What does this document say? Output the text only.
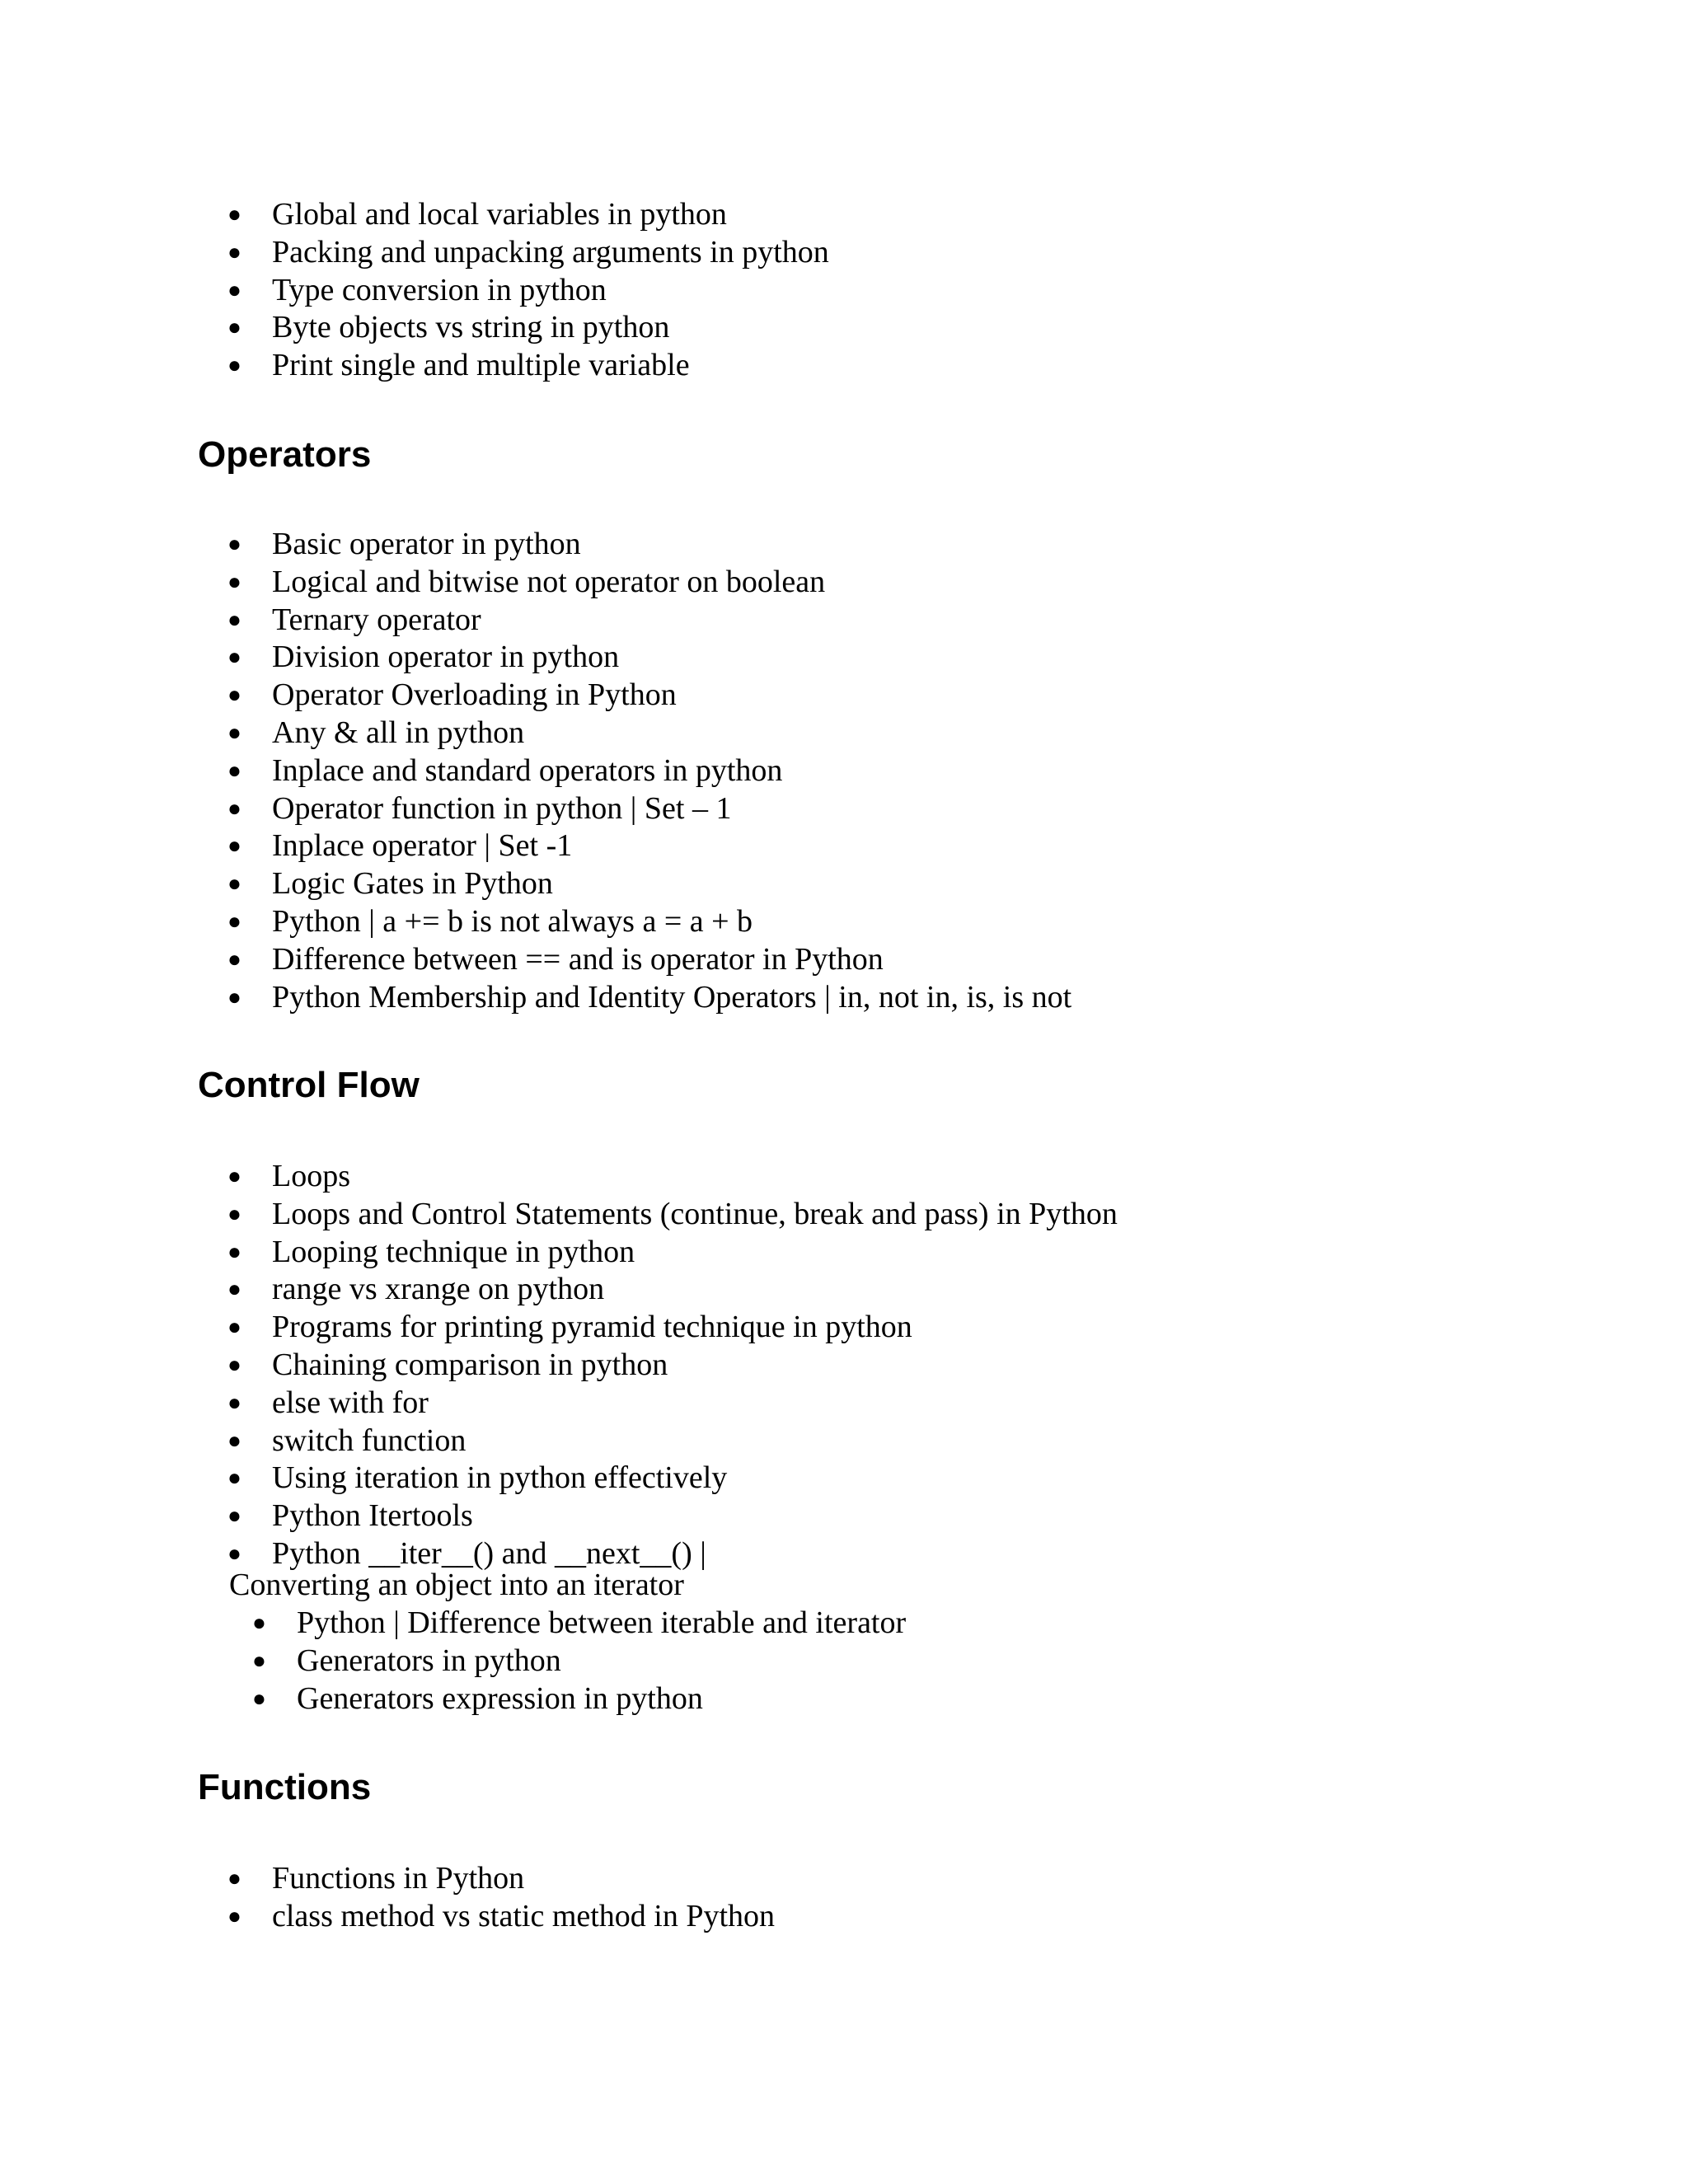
● Global and local variables in python
● Packing and unpacking arguments in python
● Type conversion in python
● Byte objects vs string in python
● Print single and multiple variable
Operators
● Basic operator in python
● Logical and bitwise not operator on boolean
● Ternary operator
● Division operator in python
● Operator Overloading in Python
● Any & all in python
● Inplace and standard operators in python
● Operator function in python | Set – 1
● Inplace operator | Set -1
● Logic Gates in Python
● Python | a += b is not always a = a + b
● Difference between == and is operator in Python
● Python Membership and Identity Operators | in, not in, is, is not
Control Flow
● Loops
● Loops and Control Statements (continue, break and pass) in Python
● Looping technique in python
● range vs xrange on python
● Programs for printing pyramid technique in python
● Chaining comparison in python
● else with for
● switch function
● Using iteration in python effectively
● Python Itertools
● Python __iter__() and __next__() |
Converting an object into an iterator
● Python | Difference between iterable and iterator
● Generators in python
● Generators expression in python
Functions
● Functions in Python
● class method vs static method in Python
